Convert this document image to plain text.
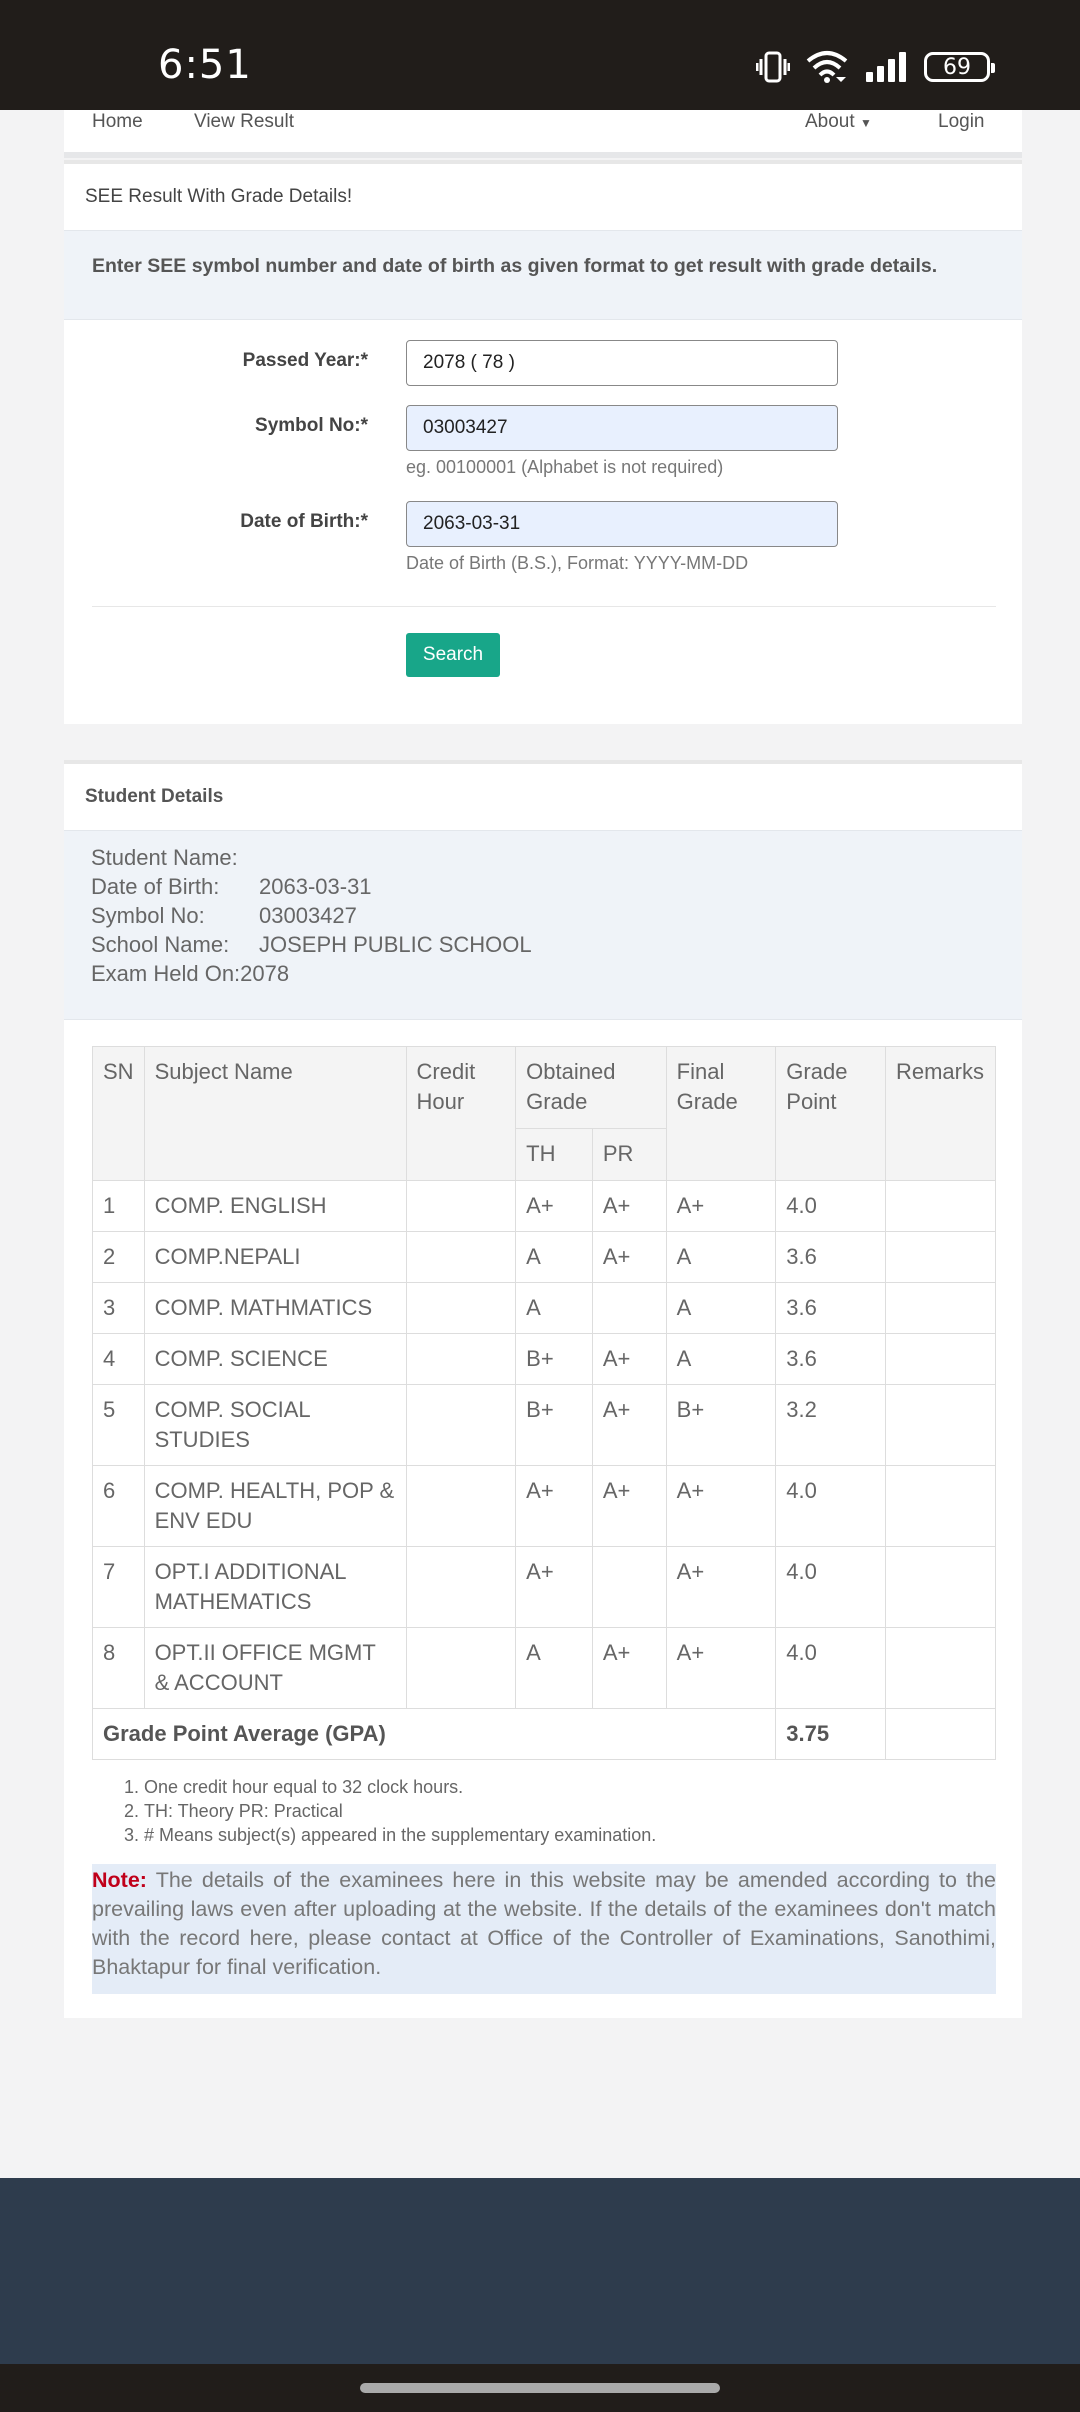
6:51	69
Home	View Result	About ▼	Login
SEE Result With Grade Details!
Enter SEE symbol number and date of birth as given format to get result with grade details.
Passed Year:*	2078 ( 78 )
Symbol No:*	03003427
eg. 00100001 (Alphabet is not required)
Date of Birth:*	2063-03-31
Date of Birth (B.S.), Format: YYYY-MM-DD
Search
Student Details
Student Name:
Date of Birth: 2063-03-31
Symbol No: 03003427
School Name: JOSEPH PUBLIC SCHOOL
Exam Held On:2078
SN	Subject Name	Credit Hour	Obtained Grade		Final Grade	Grade Point	Remarks
			TH	PR			
1	COMP. ENGLISH		A+	A+	A+	4.0	
2	COMP.NEPALI		A	A+	A	3.6	
3	COMP. MATHMATICS		A		A	3.6	
4	COMP. SCIENCE		B+	A+	A	3.6	
5	COMP. SOCIAL STUDIES		B+	A+	B+	3.2	
6	COMP. HEALTH, POP & ENV EDU		A+	A+	A+	4.0	
7	OPT.I ADDITIONAL MATHEMATICS		A+		A+	4.0	
8	OPT.II OFFICE MGMT & ACCOUNT		A	A+	A+	4.0	
Grade Point Average (GPA)						3.75	
1. One credit hour equal to 32 clock hours.
2. TH: Theory PR: Practical
3. # Means subject(s) appeared in the supplementary examination.
Note: The details of the examinees here in this website may be amended according to the prevailing laws even after uploading at the website. If the details of the examinees don't match with the record here, please contact at Office of the Controller of Examinations, Sanothimi, Bhaktapur for final verification.
